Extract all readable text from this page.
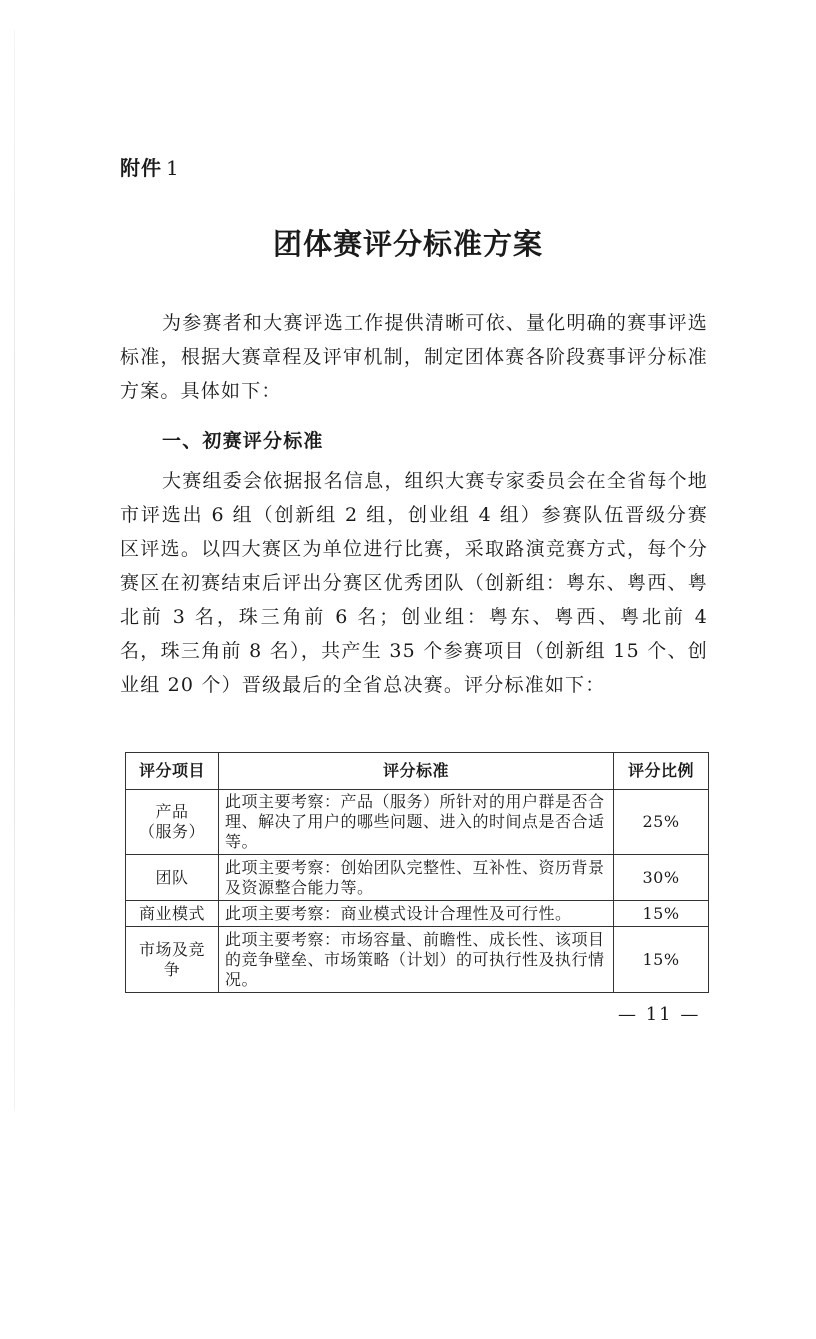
附件 1
团体赛评分标准方案

为参赛者和大赛评选工作提供清晰可依、量化明确的赛事评选标准，根据大赛章程及评审机制，制定团体赛各阶段赛事评分标准方案。具体如下：

一、初赛评分标准

大赛组委会依据报名信息，组织大赛专家委员会在全省每个地市评选出 6 组（创新组 2 组，创业组 4 组）参赛队伍晋级分赛区评选。以四大赛区为单位进行比赛，采取路演竞赛方式，每个分赛区在初赛结束后评出分赛区优秀团队（创新组：粤东、粤西、粤北前 3 名，珠三角前 6 名；创业组：粤东、粤西、粤北前 4 名，珠三角前 8 名），共产生 35 个参赛项目（创新组 15 个、创业组 20 个）晋级最后的全省总决赛。评分标准如下：

评分项目	评分标准	评分比例
产品
（服务）	此项主要考察：产品（服务）所针对的用户群是否合理、解决了用户的哪些问题、进入的时间点是否合适等。	25%
团队	此项主要考察：创始团队完整性、互补性、资历背景及资源整合能力等。	30%
商业模式	此项主要考察：商业模式设计合理性及可行性。	15%
市场及竞争	此项主要考察：市场容量、前瞻性、成长性、该项目的竞争壁垒、市场策略（计划）的可执行性及执行情况。	15%
— 11 —
